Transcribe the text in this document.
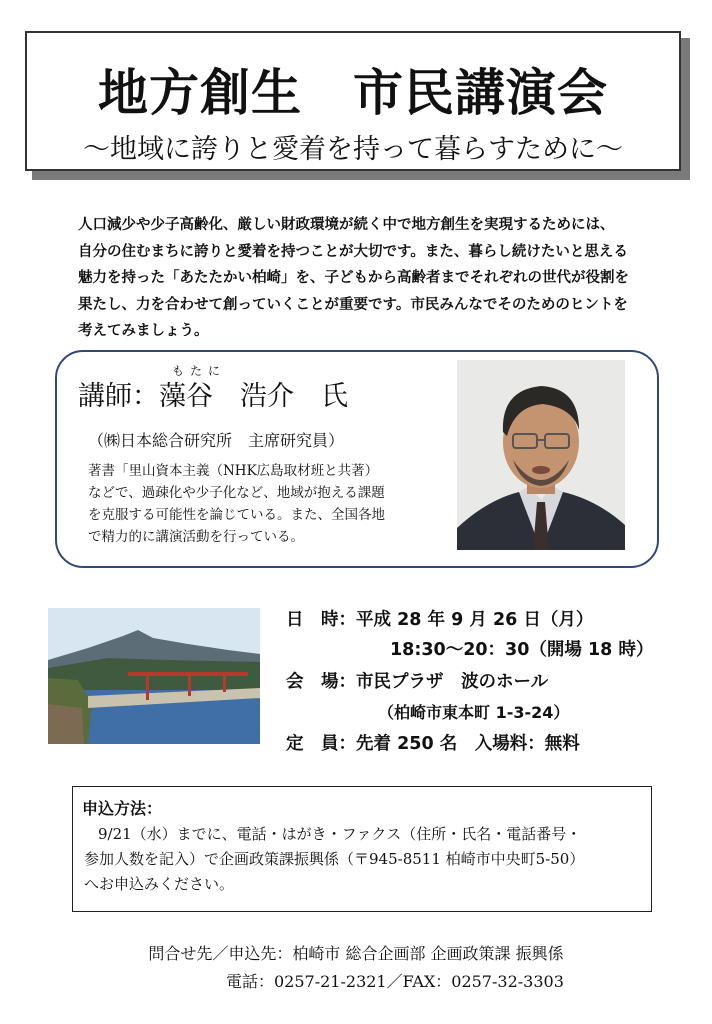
地方創生　市民講演会
～地域に誇りと愛着を持って暮らすために～
人口減少や少子高齢化、厳しい財政環境が続く中で地方創生を実現するためには、
自分の住むまちに誇りと愛着を持つことが大切です。また、暮らし続けたいと思える
魅力を持った「あたたかい柏崎」を、子どもから高齢者までそれぞれの世代が役割を
果たし、力を合わせて創っていくことが重要です。市民みんなでそのためのヒントを
考えてみましょう。
もたに
講師：藻谷　浩介　氏
（㈱日本総合研究所　主席研究員）
著書「里山資本主義（NHK広島取材班と共著）
などで、過疎化や少子化など、地域が抱える課題
を克服する可能性を論じている。また、全国各地
で精力的に講演活動を行っている。
日　時：平成 28 年 9 月 26 日（月）
18:30～20：30（開場 18 時）
会　場：市民プラザ　波のホール
（柏崎市東本町 1-3-24）
定　員：先着 250 名　入場料：無料
申込方法：
9/21（水）までに、電話・はがき・ファクス（住所・氏名・電話番号・
参加人数を記入）で企画政策課振興係（〒945-8511 柏崎市中央町5-50）
へお申込みください。
問合せ先／申込先：柏崎市 総合企画部 企画政策課 振興係
電話：0257-21-2321／FAX：0257-32-3303
